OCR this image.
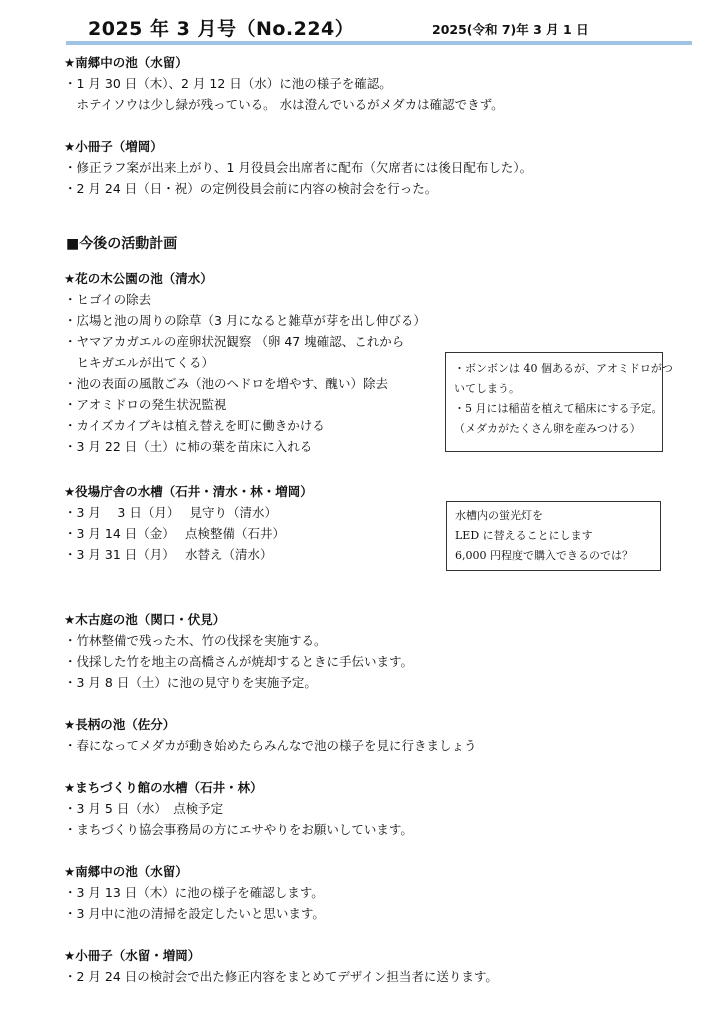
2025 年 3 月号（No.224）	2025(令和 7)年 3 月 1 日
★南郷中の池（水留）
・1 月 30 日（木）、2 月 12 日（水）に池の様子を確認。
　ホテイソウは少し緑が残っている。 水は澄んでいるがメダカは確認できず。
★小冊子（増岡）
・修正ラフ案が出来上がり、1 月役員会出席者に配布（欠席者には後日配布した）。
・2 月 24 日（日・祝）の定例役員会前に内容の検討会を行った。
■今後の活動計画
★花の木公園の池（清水）
・ヒゴイの除去
・広場と池の周りの除草（3 月になると雑草が芽を出し伸びる）
・ヤマアカガエルの産卵状況観察 （卵 47 塊確認、これから
　ヒキガエルが出てくる）
・池の表面の風散ごみ（池のヘドロを増やす、醜い）除去
・アオミドロの発生状況監視
・カイズカイブキは植え替えを町に働きかける
・3 月 22 日（土）に柿の葉を苗床に入れる
★役場庁舎の水槽（石井・清水・林・増岡）
・3 月　 3 日（月）　 見守り（清水）
・3 月 14 日（金）　 点検整備（石井）
・3 月 31 日（月）　 水替え（清水）
★木古庭の池（関口・伏見）
・竹林整備で残った木、竹の伐採を実施する。
・伐採した竹を地主の高橋さんが焼却するときに手伝います。
・3 月 8 日（土）に池の見守りを実施予定。
★長柄の池（佐分）
・春になってメダカが動き始めたらみんなで池の様子を見に行きましょう
★まちづくり館の水槽（石井・林）
・3 月 5 日（水）　点検予定
・まちづくり協会事務局の方にエサやりをお願いしています。
★南郷中の池（水留）
・3 月 13 日（木）に池の様子を確認します。
・3 月中に池の清掃を設定したいと思います。
★小冊子（水留・増岡）
・2 月 24 日の検討会で出た修正内容をまとめてデザイン担当者に送ります。
・ボンボンは 40 個あるが、アオミドロがつ
いてしまう。
・5 月には稲苗を植えて稲床にする予定。
（メダカがたくさん卵を産みつける）
水槽内の蛍光灯を
LED に替えることにします
6,000 円程度で購入できるのでは？
